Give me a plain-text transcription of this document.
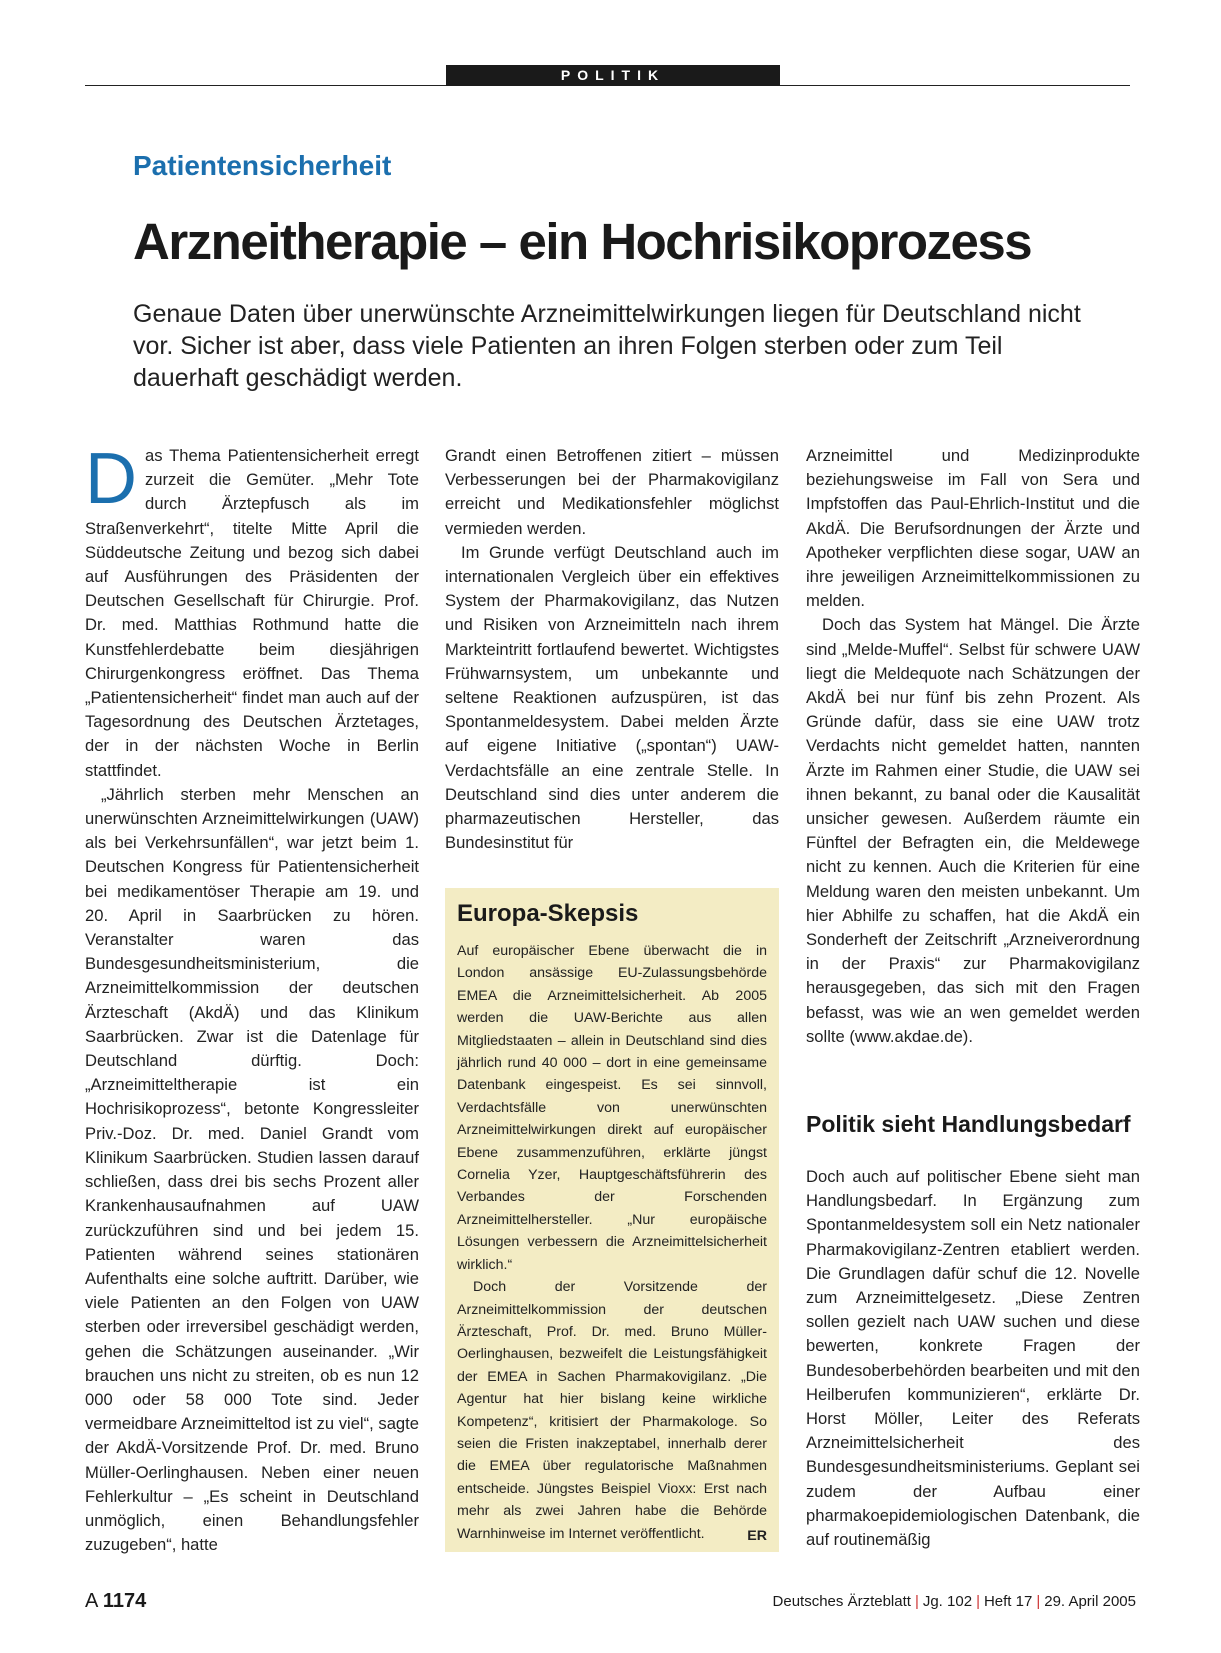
POLITIK
Patientensicherheit
Arzneitherapie – ein Hochrisikoprozess
Genaue Daten über unerwünschte Arzneimittelwirkungen liegen für Deutschland nicht vor. Sicher ist aber, dass viele Patienten an ihren Folgen sterben oder zum Teil dauerhaft geschädigt werden.

Das Thema Patientensicherheit erregt zurzeit die Gemüter. „Mehr Tote durch Ärztepfusch als im Straßenverkehrt“, titelte Mitte April die Süddeutsche Zeitung und bezog sich dabei auf Ausführungen des Präsidenten der Deutschen Gesellschaft für Chirurgie. Prof. Dr. med. Matthias Rothmund hatte die Kunstfehlerdebatte beim diesjährigen Chirurgenkongress eröffnet. Das Thema „Patientensicherheit“ findet man auch auf der Tagesordnung des Deutschen Ärztetages, der in der nächsten Woche in Berlin stattfindet.

„Jährlich sterben mehr Menschen an unerwünschten Arzneimittelwirkungen (UAW) als bei Verkehrsunfällen“, war jetzt beim 1. Deutschen Kongress für Patientensicherheit bei medikamentöser Therapie am 19. und 20. April in Saarbrücken zu hören. Veranstalter waren das Bundesgesundheitsministerium, die Arzneimittelkommission der deutschen Ärzteschaft (AkdÄ) und das Klinikum Saarbrücken. Zwar ist die Datenlage für Deutschland dürftig. Doch: „Arzneimitteltherapie ist ein Hochrisikoprozess“, betonte Kongressleiter Priv.-Doz. Dr. med. Daniel Grandt vom Klinikum Saarbrücken. Studien lassen darauf schließen, dass drei bis sechs Prozent aller Krankenhausaufnahmen auf UAW zurückzuführen sind und bei jedem 15. Patienten während seines stationären Aufenthalts eine solche auftritt. Darüber, wie viele Patienten an den Folgen von UAW sterben oder irreversibel geschädigt werden, gehen die Schätzungen auseinander. „Wir brauchen uns nicht zu streiten, ob es nun 12 000 oder 58 000 Tote sind. Jeder vermeidbare Arzneimitteltod ist zu viel“, sagte der AkdÄ-Vorsitzende Prof. Dr. med. Bruno Müller-Oerlinghausen. Neben einer neuen Fehlerkultur – „Es scheint in Deutschland unmöglich, einen Behandlungsfehler zuzugeben“, hatte

Grandt einen Betroffenen zitiert – müssen Verbesserungen bei der Pharmakovigilanz erreicht und Medikationsfehler möglichst vermieden werden.

Im Grunde verfügt Deutschland auch im internationalen Vergleich über ein effektives System der Pharmakovigilanz, das Nutzen und Risiken von Arzneimitteln nach ihrem Markteintritt fortlaufend bewertet. Wichtigstes Frühwarnsystem, um unbekannte und seltene Reaktionen aufzuspüren, ist das Spontanmeldesystem. Dabei melden Ärzte auf eigene Initiative („spontan“) UAW-Verdachtsfälle an eine zentrale Stelle. In Deutschland sind dies unter anderem die pharmazeutischen Hersteller, das Bundesinstitut für

Europa-Skepsis

Auf europäischer Ebene überwacht die in London ansässige EU-Zulassungsbehörde EMEA die Arzneimittelsicherheit. Ab 2005 werden die UAW-Berichte aus allen Mitgliedstaaten – allein in Deutschland sind dies jährlich rund 40 000 – dort in eine gemeinsame Datenbank eingespeist. Es sei sinnvoll, Verdachtsfälle von unerwünschten Arzneimittelwirkungen direkt auf europäischer Ebene zusammenzuführen, erklärte jüngst Cornelia Yzer, Hauptgeschäftsführerin des Verbandes der Forschenden Arzneimittelhersteller. „Nur europäische Lösungen verbessern die Arzneimittelsicherheit wirklich.“

Doch der Vorsitzende der Arzneimittelkommission der deutschen Ärzteschaft, Prof. Dr. med. Bruno Müller-Oerlinghausen, bezweifelt die Leistungsfähigkeit der EMEA in Sachen Pharmakovigilanz. „Die Agentur hat hier bislang keine wirkliche Kompetenz“, kritisiert der Pharmakologe. So seien die Fristen inakzeptabel, innerhalb derer die EMEA über regulatorische Maßnahmen entscheide. Jüngstes Beispiel Vioxx: Erst nach mehr als zwei Jahren habe die Behörde Warnhinweise im Internet veröffentlicht.	ER

Arzneimittel und Medizinprodukte beziehungsweise im Fall von Sera und Impfstoffen das Paul-Ehrlich-Institut und die AkdÄ. Die Berufsordnungen der Ärzte und Apotheker verpflichten diese sogar, UAW an ihre jeweiligen Arzneimittelkommissionen zu melden.

Doch das System hat Mängel. Die Ärzte sind „Melde-Muffel“. Selbst für schwere UAW liegt die Meldequote nach Schätzungen der AkdÄ bei nur fünf bis zehn Prozent. Als Gründe dafür, dass sie eine UAW trotz Verdachts nicht gemeldet hatten, nannten Ärzte im Rahmen einer Studie, die UAW sei ihnen bekannt, zu banal oder die Kausalität unsicher gewesen. Außerdem räumte ein Fünftel der Befragten ein, die Meldewege nicht zu kennen. Auch die Kriterien für eine Meldung waren den meisten unbekannt. Um hier Abhilfe zu schaffen, hat die AkdÄ ein Sonderheft der Zeitschrift „Arzneiverordnung in der Praxis“ zur Pharmakovigilanz herausgegeben, das sich mit den Fragen befasst, was wie an wen gemeldet werden sollte (www.akdae.de).

Politik sieht Handlungsbedarf

Doch auch auf politischer Ebene sieht man Handlungsbedarf. In Ergänzung zum Spontanmeldesystem soll ein Netz nationaler Pharmakovigilanz-Zentren etabliert werden. Die Grundlagen dafür schuf die 12. Novelle zum Arzneimittelgesetz. „Diese Zentren sollen gezielt nach UAW suchen und diese bewerten, konkrete Fragen der Bundesoberbehörden bearbeiten und mit den Heilberufen kommunizieren“, erklärte Dr. Horst Möller, Leiter des Referats Arzneimittelsicherheit des Bundesgesundheitsministeriums. Geplant sei zudem der Aufbau einer pharmakoepidemiologischen Datenbank, die auf routinemäßig

A 1174	Deutsches Ärzteblatt | Jg. 102 | Heft 17 | 29. April 2005
